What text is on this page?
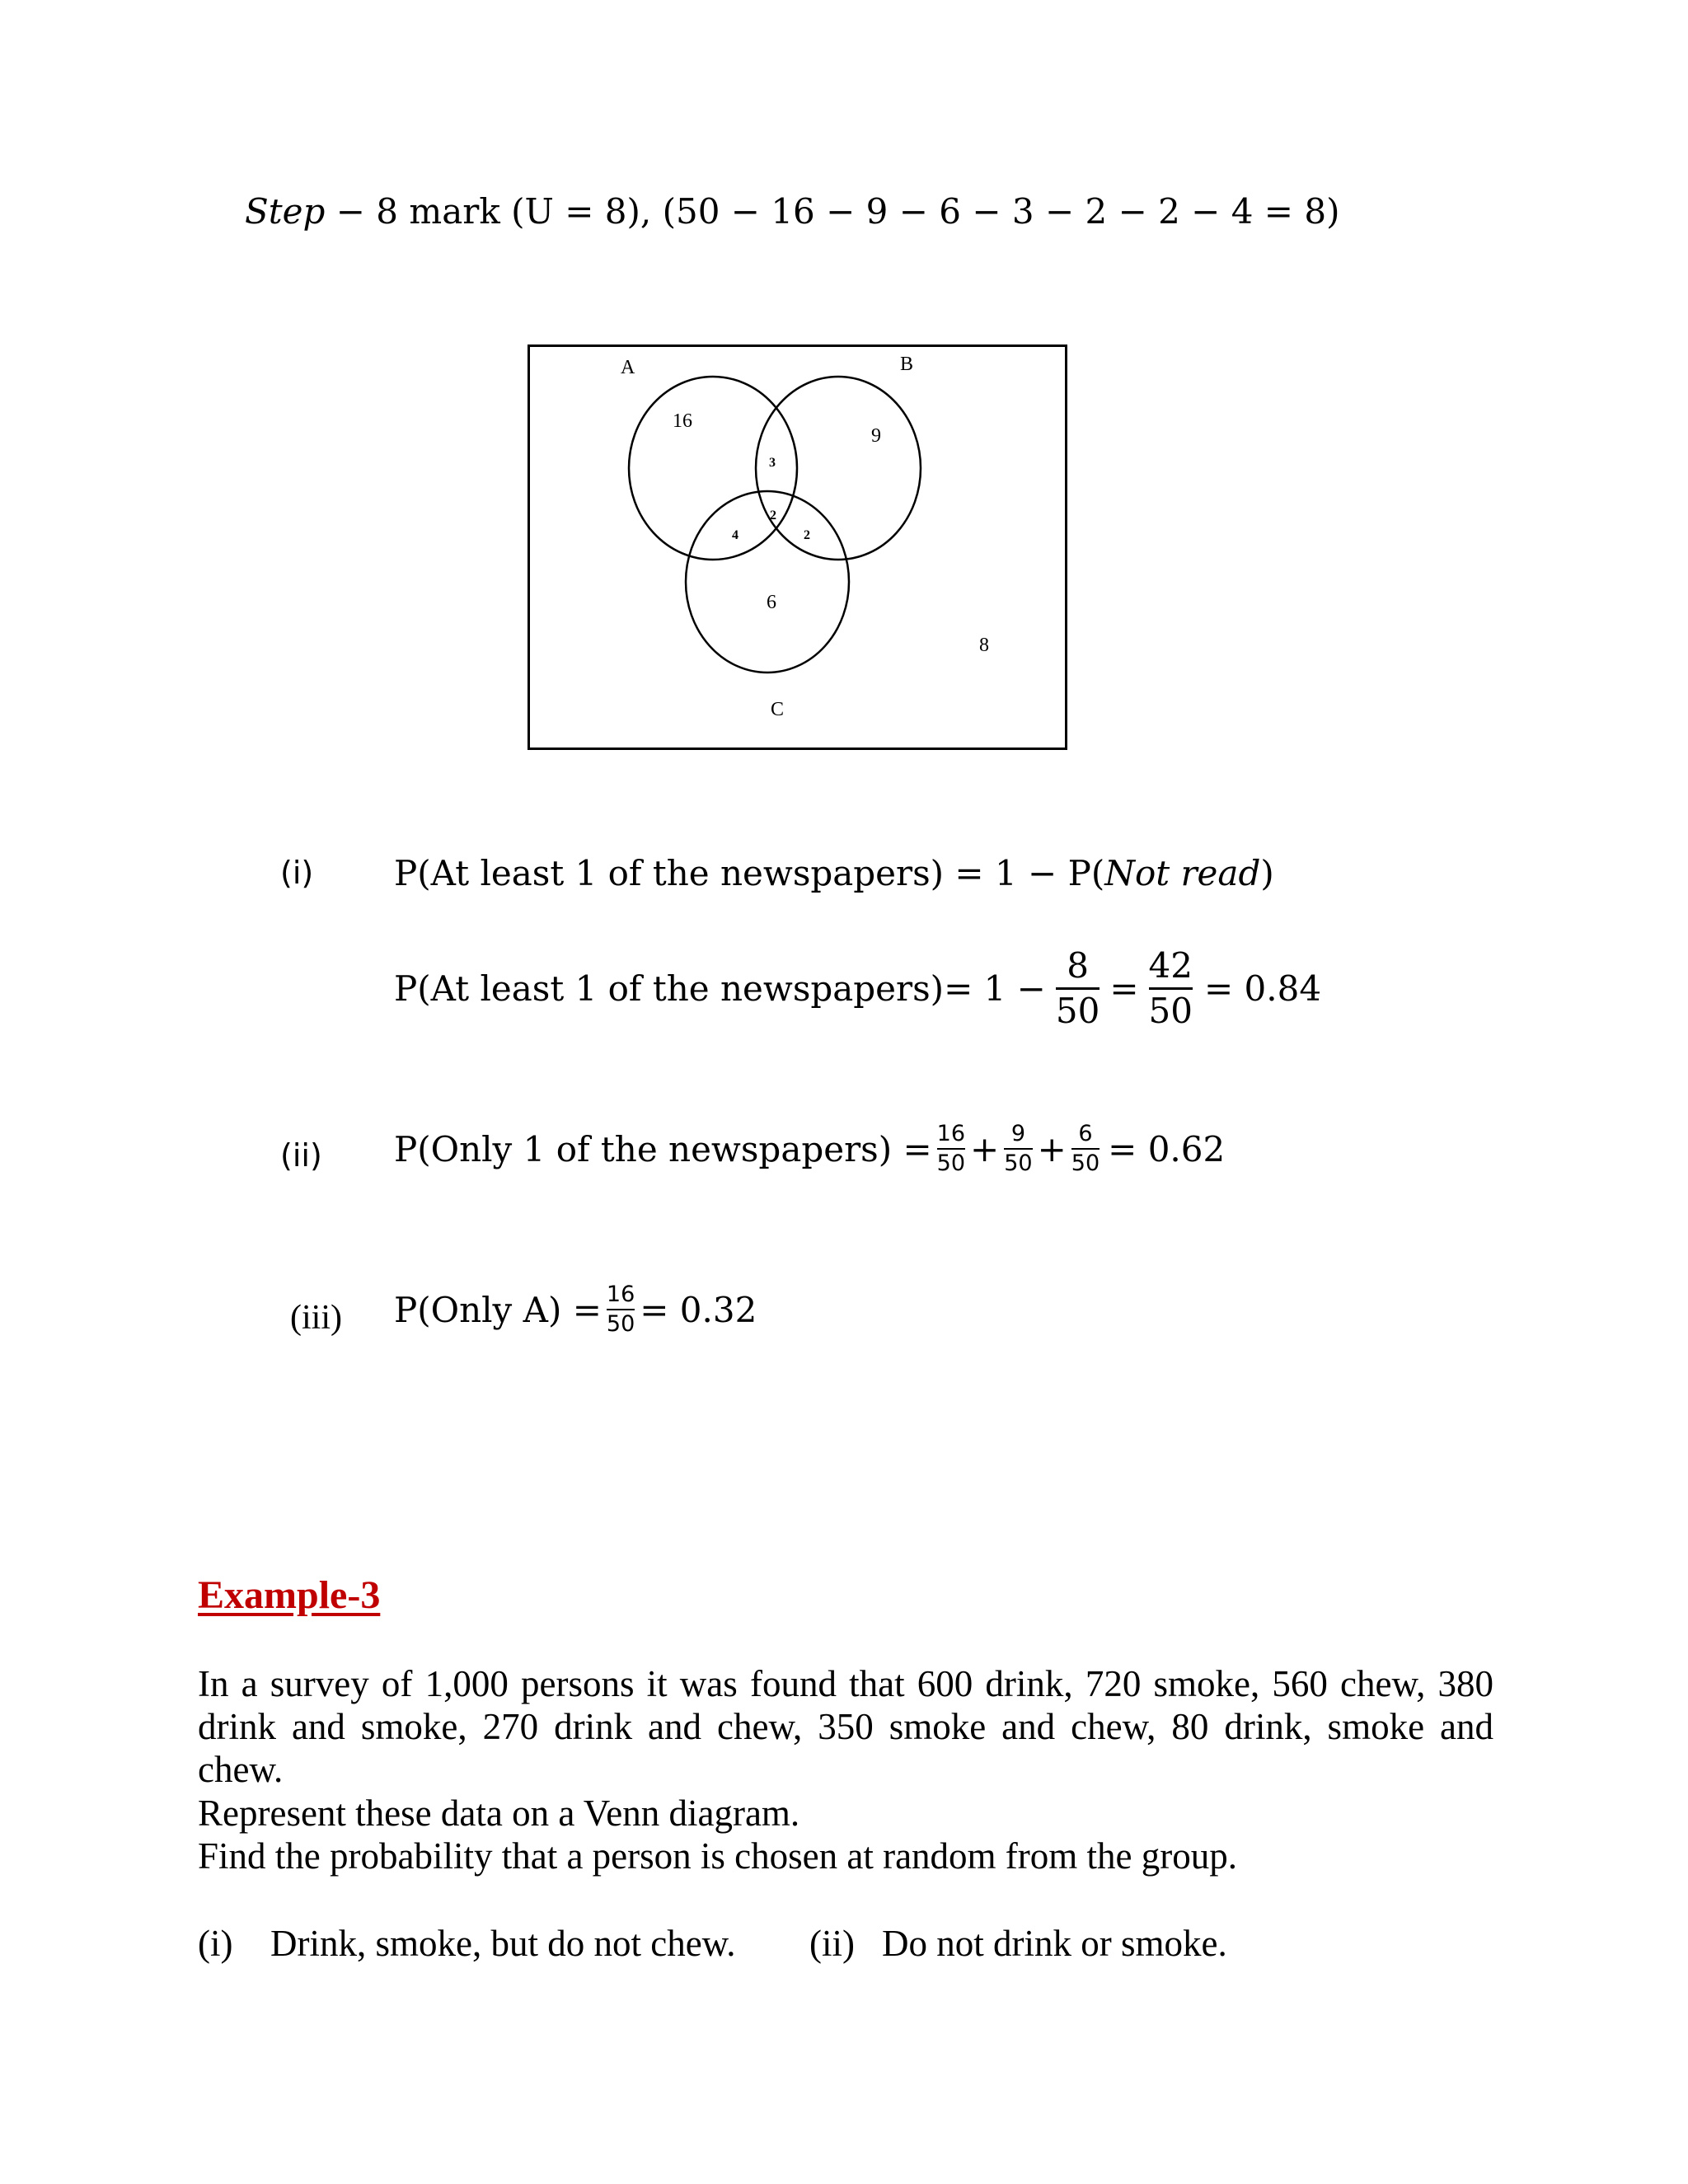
Step − 8 mark (U = 8), (50 − 16 − 9 − 6 − 3 − 2 − 2 − 4 = 8)
A	B
C
16
9
6
3
2
4	2
8
(i) P(At least 1 of the newspapers) = 1 − P(Not read)
P(At least 1 of the newspapers) = $1 - \frac{8}{50} = \frac{42}{50} = 0.84$
(ii) P(Only 1 of the newspapers) = $\frac{16}{50} + \frac{9}{50} + \frac{6}{50} = 0.62$
(iii) P(Only $A) = \frac{16}{50} = 0.32$
Example-3
In a survey of 1,000 persons it was found that 600 drink, 720 smoke, 560 chew, 380 drink and smoke, 270 drink and chew, 350 smoke and chew, 80 drink, smoke and chew.
Represent these data on a Venn diagram.
Find the probability that a person is chosen at random from the group.
(i) Drink, smoke, but do not chew. (ii) Do not drink or smoke.
